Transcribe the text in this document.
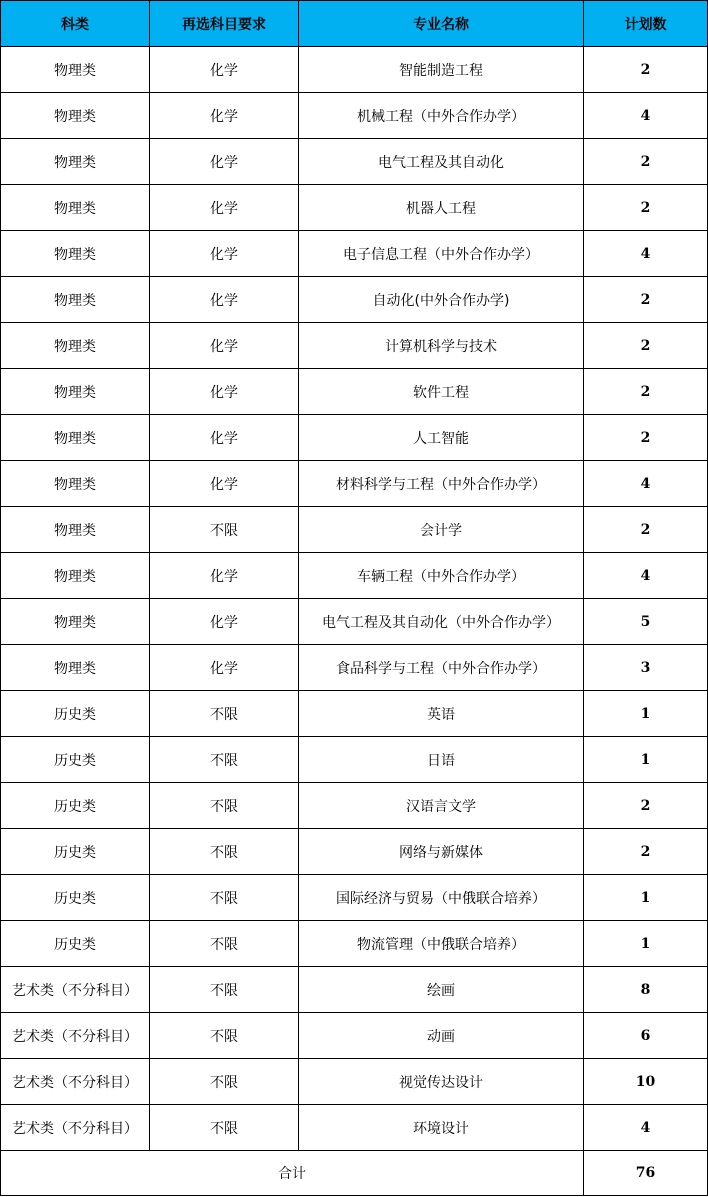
科类	再选科目要求	专业名称	计划数
物理类	化学	智能制造工程	2
物理类	化学	机械工程（中外合作办学）	4
物理类	化学	电气工程及其自动化	2
物理类	化学	机器人工程	2
物理类	化学	电子信息工程（中外合作办学）	4
物理类	化学	自动化(中外合作办学)	2
物理类	化学	计算机科学与技术	2
物理类	化学	软件工程	2
物理类	化学	人工智能	2
物理类	化学	材料科学与工程（中外合作办学）	4
物理类	不限	会计学	2
物理类	化学	车辆工程（中外合作办学）	4
物理类	化学	电气工程及其自动化（中外合作办学）	5
物理类	化学	食品科学与工程（中外合作办学）	3
历史类	不限	英语	1
历史类	不限	日语	1
历史类	不限	汉语言文学	2
历史类	不限	网络与新媒体	2
历史类	不限	国际经济与贸易（中俄联合培养）	1
历史类	不限	物流管理（中俄联合培养）	1
艺术类（不分科目）	不限	绘画	8
艺术类（不分科目）	不限	动画	6
艺术类（不分科目）	不限	视觉传达设计	10
艺术类（不分科目）	不限	环境设计	4
合计			76
